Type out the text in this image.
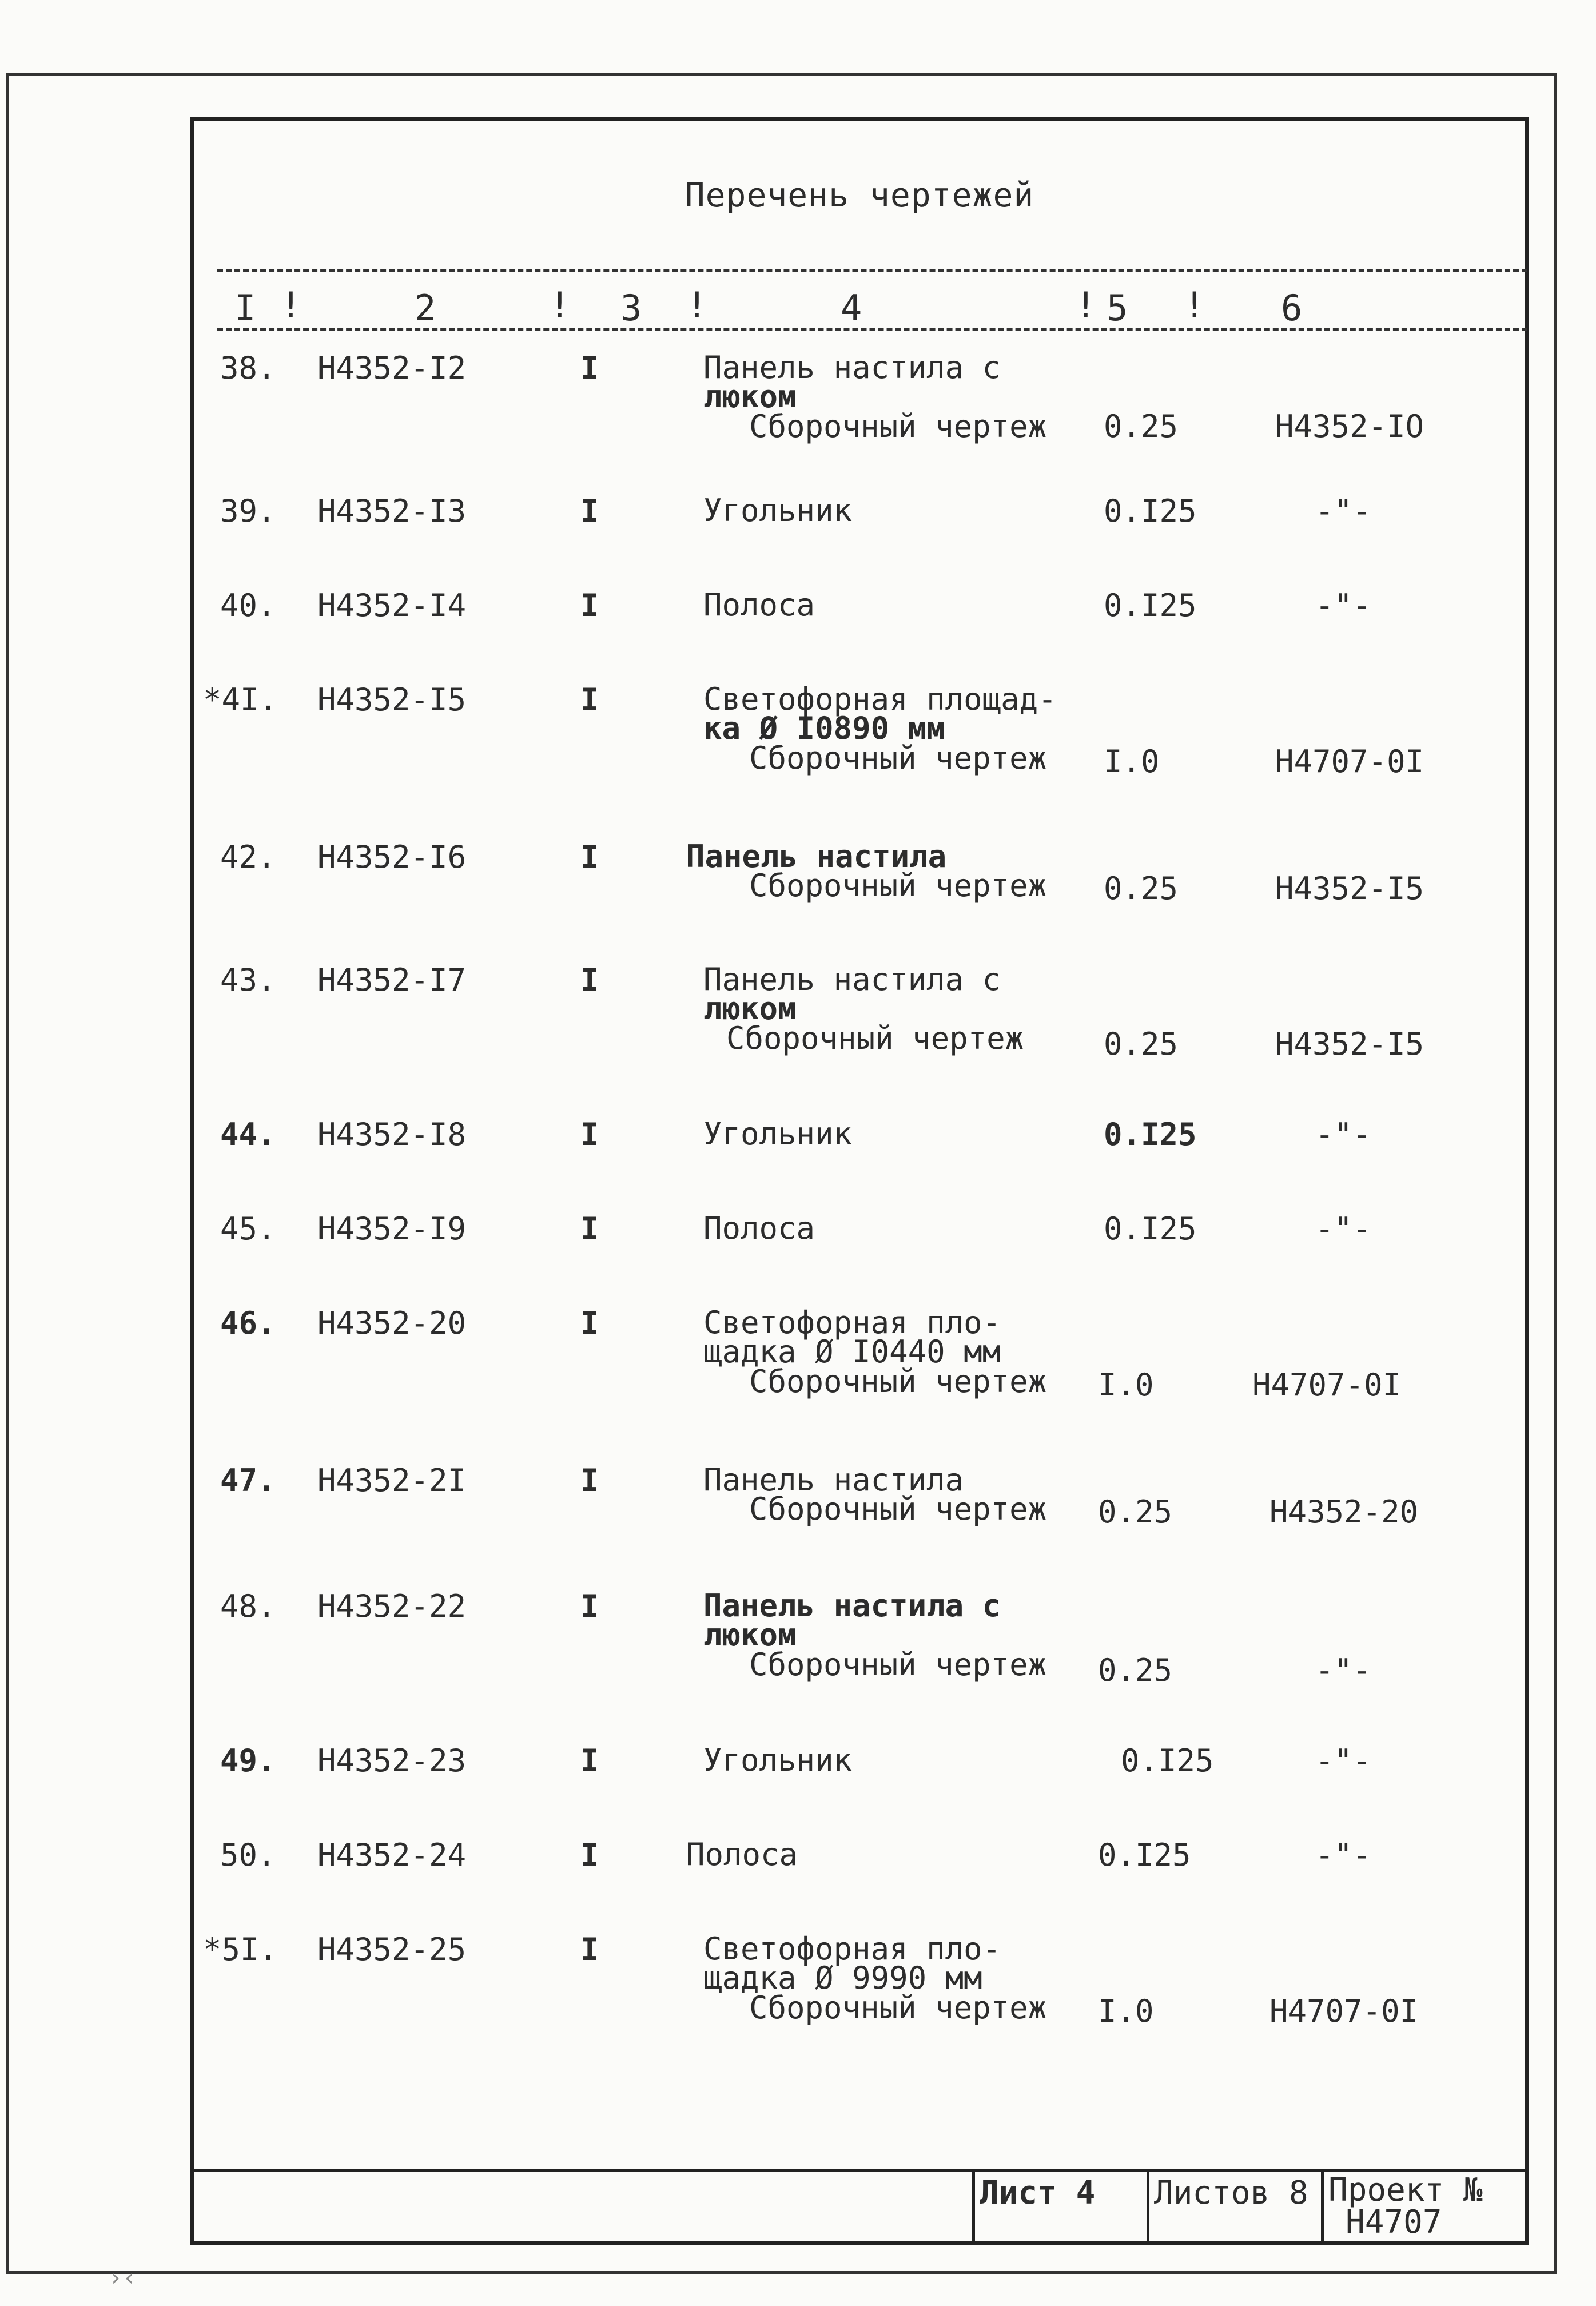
Перечень чертежей
I !	2	! 3 !	4	! 5 ! 6
38. H4352-I2	I	Панель настила с
люком
Сборочный чертеж 0.25	H4352-IO
39. H4352-I3	I	Угольник	0.I25	-"-
40. H4352-I4	I	Полоса	0.I25	-"-
*4I. H4352-I5	I	Светофорная площад-
ка Ø I0890 мм
Сборочный чертеж	I.0	H4707-0I
42. H4352-I6	I	Панель настила
Сборочный чертеж 0.25	H4352-I5
43. H4352-I7	I	Панель настила с
люком
Сборочный чертеж	0.25	H4352-I5
44. H4352-I8	I	Угольник	0.I25	-"-
45. H4352-I9	I	Полоса	0.I25	-"-
46. H4352-20	I	Светофорная пло-
щадка Ø I0440 мм
Сборочный чертеж I.0	H4707-0I
47. H4352-2I	I	Панель настила
Сборочный чертеж 0.25	H4352-20
48. H4352-22	I	Панель настила с
люком
Сборочный чертеж 0.25	-"-
49. H4352-23	I	Угольник	0.I25	-"-
50. H4352-24	I	Полоса	0.I25	-"-
*5I. H4352-25	I	Светофорная пло-
щадка Ø 9990 мм
Сборочный чертеж I.0	H4707-0I
Лист 4	Листов 8 Проект №
H4707
›‹
